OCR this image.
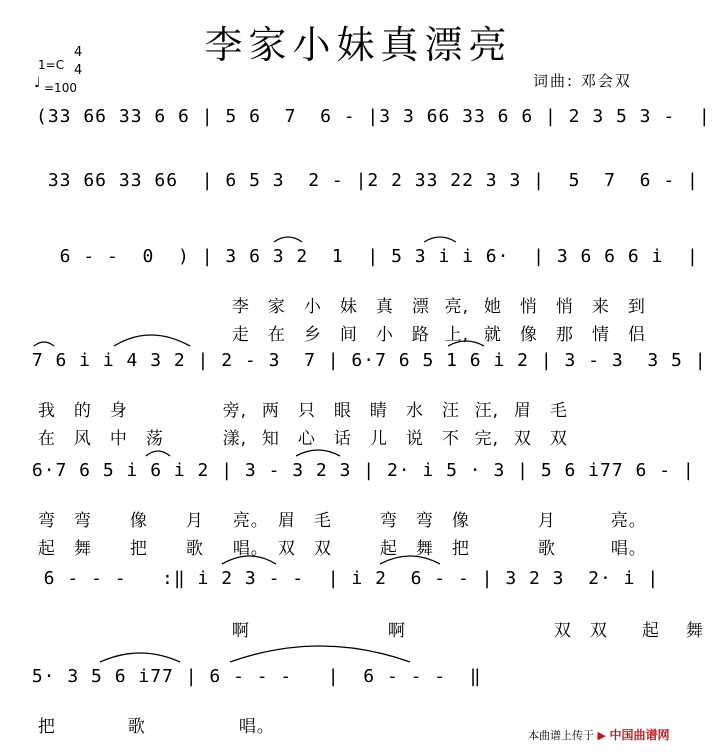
李家小妹真漂亮
1=C
4
4
♩ =100	词曲: 邓会双
(33 66 33 6 6 | 5 6  7  6 - |3 3 66 33 6 6 | 2 3 5 3 -  |
33 66 33 66  | 6 5 3  2 - |2 2 33 22 3 3 |  5  7  6 - |
6 - -  0  ) | 3 6 3 2  1  | 5 3 i i 6·  | 3 6 6 6 i  |

李 家 小 妹 真 漂 亮, 她 悄 悄 来 到

走 在 乡 间 小 路 上, 就 像 那 情 侣

7 6 i i 4 3 2 | 2 - 3  7 | 6·7 6 5 1 6 i 2 | 3 - 3  3 5 |

我 的 身	旁, 两 只 眼 睛 水 汪 汪, 眉 毛

在 风 中 荡	漾, 知 心 话 儿 说 不 完, 双 双

6·7 6 5 i 6 i 2 | 3 - 3 2 3 | 2· i 5 · 3 | 5 6 i77 6 - |

弯 弯 像 月 亮。 眉 毛	弯 弯 像	月	亮。

起 舞 把 歌 唱。 双 双	起 舞 把	歌	唱。

6 - - -   :‖ i 2 3 - -  | i 2  6 - - | 3 2 3  2· i |

啊	啊	双 双 起 舞

5· 3 5 6 i77 | 6 - - -   |  6 - - -  ‖

把	歌	唱。	本曲谱上传于 ▶ 中国曲谱网
